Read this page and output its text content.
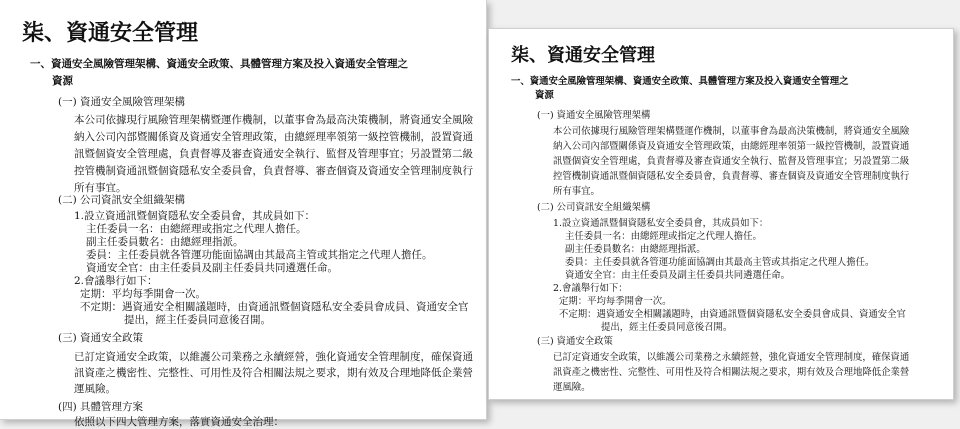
柒、資通安全管理
一、資通安全風險管理架構、資通安全政策、具體管理方案及投入資通安全管理之
資源
(一) 資通安全風險管理架構
本公司依據現行風險管理架構暨運作機制，以董事會為最高決策機制，將資通安全風險
納入公司內部暨關係資及資通安全管理政策，由總經理率領第一級控管機制，設置資通
訊暨個資安全管理處，負責督導及審查資通安全執行、監督及管理事宜；另設置第二級
控管機制資通訊暨個資隱私安全委員會，負責督導、審查個資及資通安全管理制度執行
所有事宜。
(二) 公司資訊安全組織架構
1.設立資通訊暨個資隱私安全委員會，其成員如下：
主任委員一名：由總經理或指定之代理人擔任。
副主任委員數名：由總經理指派。
委員：主任委員就各管運功能面協調由其最高主管或其指定之代理人擔任。
資通安全官：由主任委員及副主任委員共同遴選任命。
2.會議舉行如下：
定期：平均每季開會一次。
不定期：遇資通安全相關議題時，由資通訊暨個資隱私安全委員會成員、資通安全官
提出，經主任委員同意後召開。
(三) 資通安全政策
已訂定資通安全政策，以維護公司業務之永續經營，強化資通安全管理制度，確保資通
訊資產之機密性、完整性、可用性及符合相關法規之要求，期有效及合理地降低企業營
運風險。
(四) 具體管理方案
依照以下四大管理方案，落實資通安全治理：
柒、資通安全管理
一、資通安全風險管理架構、資通安全政策、具體管理方案及投入資通安全管理之
資源
(一) 資通安全風險管理架構
本公司依據現行風險管理架構暨運作機制，以董事會為最高決策機制，將資通安全風險
納入公司內部暨關係資及資通安全管理政策，由總經理率領第一級控管機制，設置資通
訊暨個資安全管理處，負責督導及審查資通安全執行、監督及管理事宜；另設置第二級
控管機制資通訊暨個資隱私安全委員會，負責督導、審查個資及資通安全管理制度執行
所有事宜。
(二) 公司資訊安全組織架構
1.設立資通訊暨個資隱私安全委員會，其成員如下：
主任委員一名：由總經理或指定之代理人擔任。
副主任委員數名：由總經理指派。
委員：主任委員就各管運功能面協調由其最高主管或其指定之代理人擔任。
資通安全官：由主任委員及副主任委員共同遴選任命。
2.會議舉行如下：
定期：平均每季開會一次。
不定期：遇資通安全相關議題時，由資通訊暨個資隱私安全委員會成員、資通安全官
提出，經主任委員同意後召開。
(三) 資通安全政策
已訂定資通安全政策，以維護公司業務之永續經營，強化資通安全管理制度，確保資通
訊資產之機密性、完整性、可用性及符合相關法規之要求，期有效及合理地降低企業營
運風險。
